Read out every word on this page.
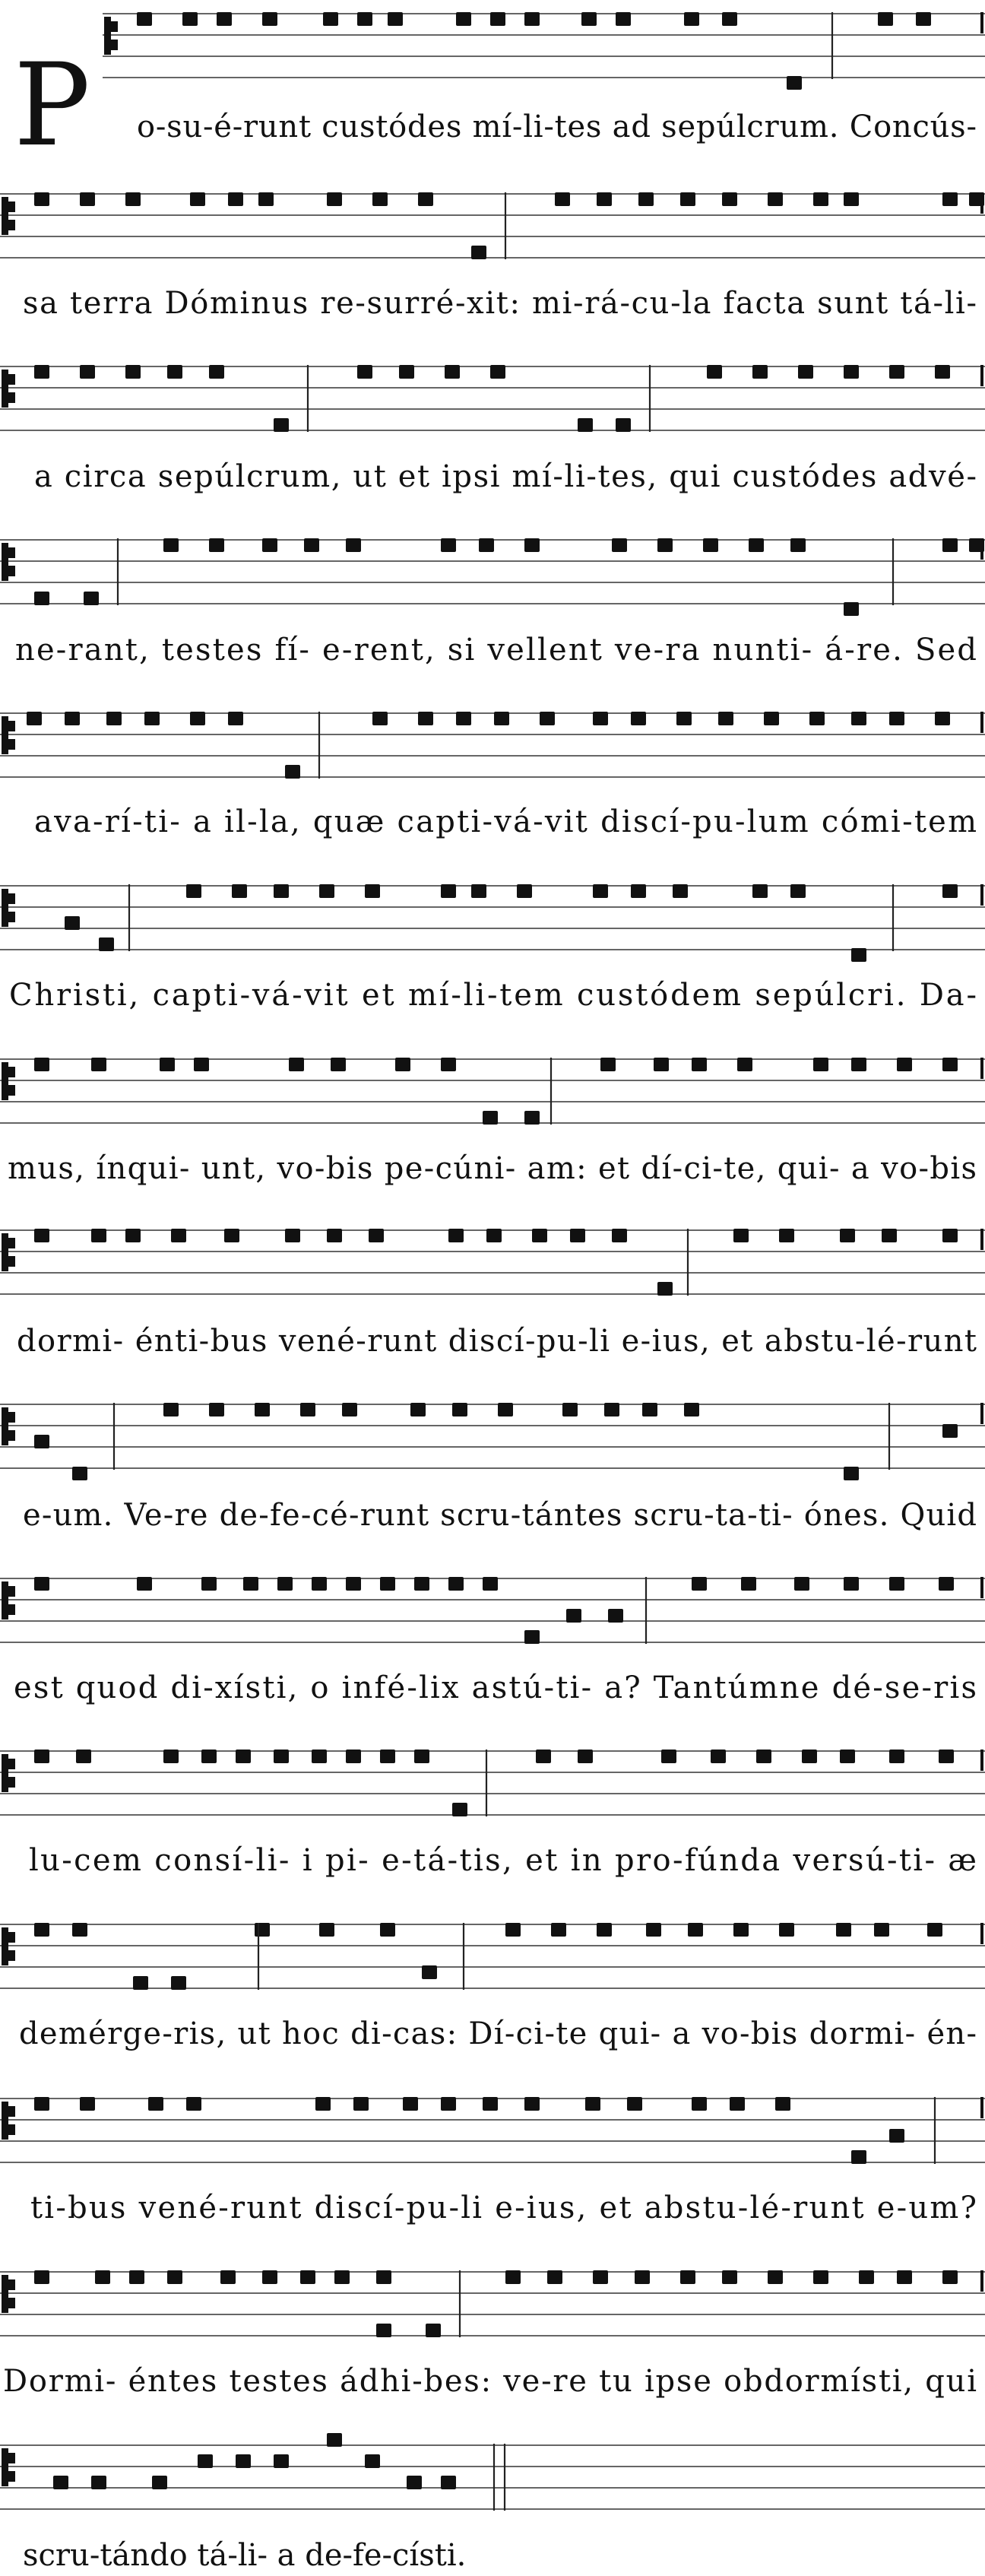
P o-su-é-runt custódes mí-li-tes ad sepúlcrum. Concús-
sa terra Dóminus re-surré-xit: mi-rá-cu-la facta sunt tá-li-
a circa sepúlcrum, ut et ipsi mí-li-tes, qui custódes advé-
ne-rant, testes fí- e-rent, si vellent ve-ra nunti- á-re. Sed
ava-rí-ti- a il-la, quæ capti-vá-vit discí-pu-lum cómi-tem
Christi, capti-vá-vit et mí-li-tem custódem sepúlcri. Da-
mus, ínqui- unt, vo-bis pe-cúni- am: et dí-ci-te, qui- a vo-bis
dormi- énti-bus vené-runt discí-pu-li e-ius, et abstu-lé-runt
e-um. Ve-re de-fe-cé-runt scru-tántes scru-ta-ti- ónes. Quid
est quod di-xísti, o infé-lix astú-ti- a? Tantúmne dé-se-ris
lu-cem consí-li- i pi- e-tá-tis, et in pro-fúnda versú-ti- æ
demérge-ris, ut hoc di-cas: Dí-ci-te qui- a vo-bis dormi- én-
ti-bus vené-runt discí-pu-li e-ius, et abstu-lé-runt e-um?
Dormi- éntes testes ádhi-bes: ve-re tu ipse obdormísti, qui
scru-tándo tá-li- a de-fe-císti.
